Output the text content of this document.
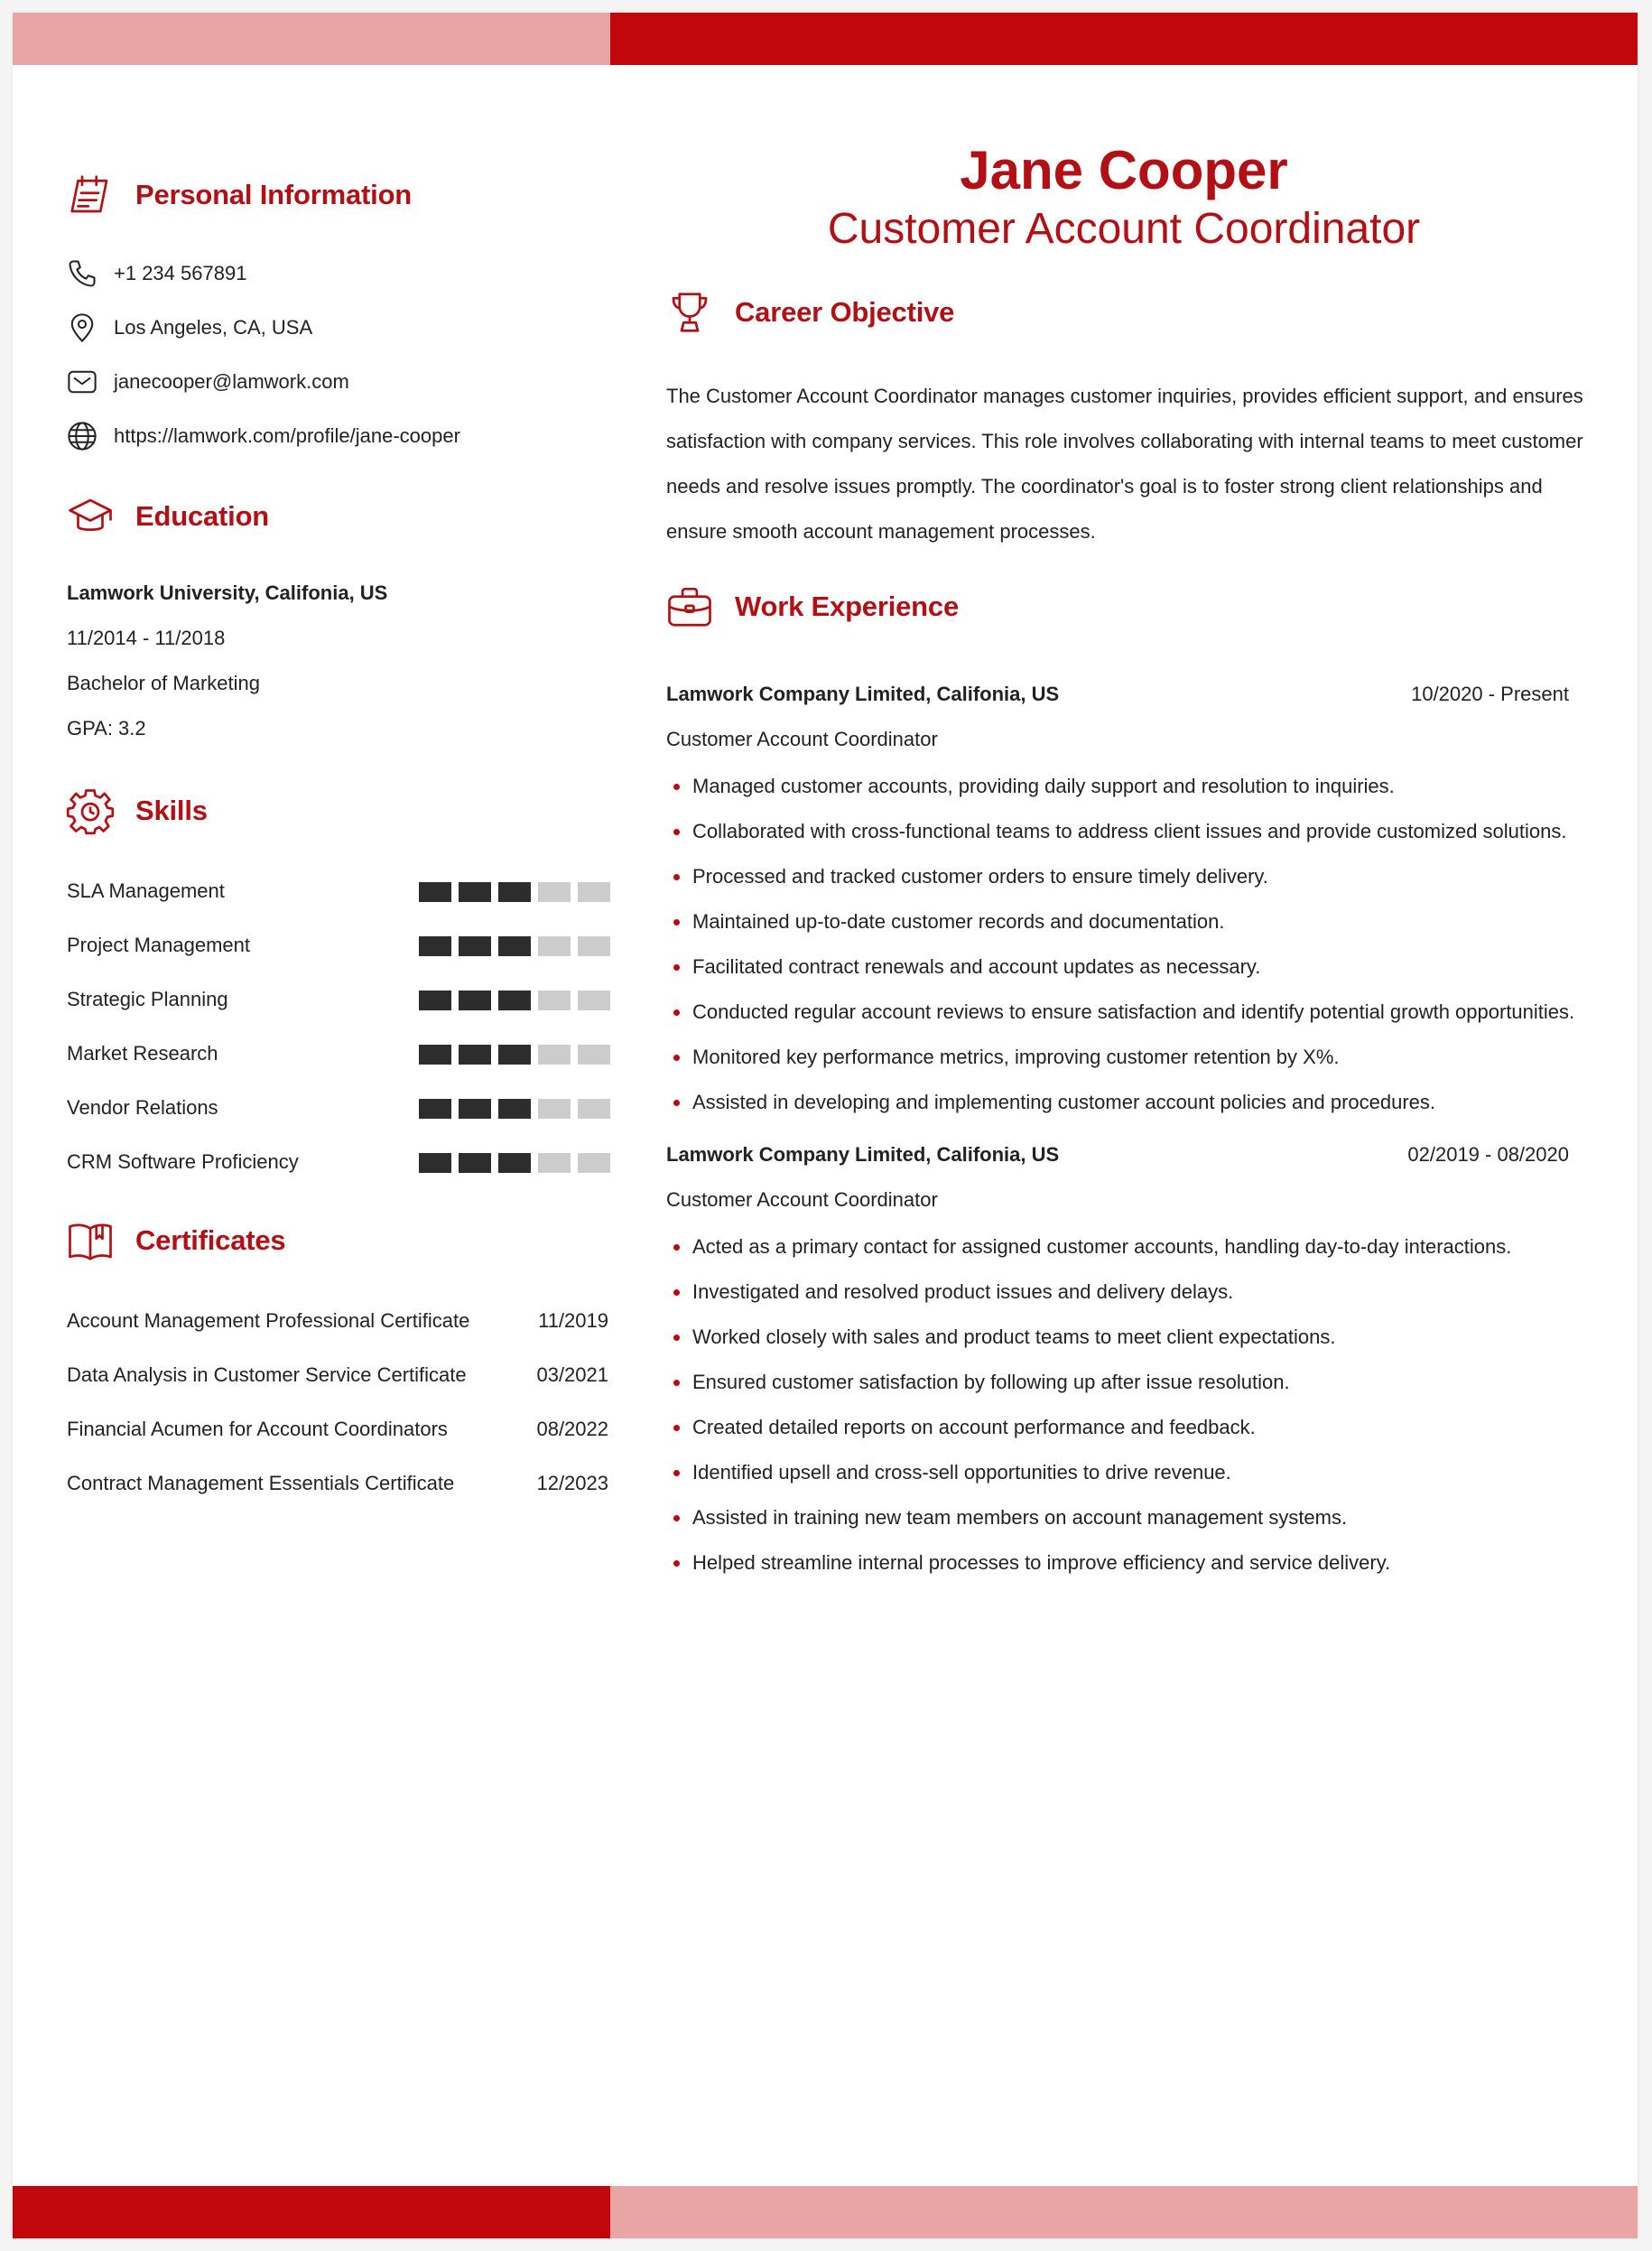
Personal Information
+1 234 567891
Los Angeles, CA, USA
janecooper@lamwork.com
https://lamwork.com/profile/jane-cooper
Education
Lamwork University, Califonia, US
11/2014 - 11/2018
Bachelor of Marketing
GPA: 3.2
Skills
SLA Management
Project Management
Strategic Planning
Market Research
Vendor Relations
CRM Software Proficiency
Certificates
Account Management Professional Certificate	11/2019
Data Analysis in Customer Service Certificate	03/2021
Financial Acumen for Account Coordinators	08/2022
Contract Management Essentials Certificate	12/2023
Jane Cooper
Customer Account Coordinator
Career Objective
The Customer Account Coordinator manages customer inquiries, provides efficient support, and ensures satisfaction with company services. This role involves collaborating with internal teams to meet customer needs and resolve issues promptly. The coordinator's goal is to foster strong client relationships and ensure smooth account management processes.
Work Experience
Lamwork Company Limited, Califonia, US	10/2020 - Present
Customer Account Coordinator
Managed customer accounts, providing daily support and resolution to inquiries.
Collaborated with cross-functional teams to address client issues and provide customized solutions.
Processed and tracked customer orders to ensure timely delivery.
Maintained up-to-date customer records and documentation.
Facilitated contract renewals and account updates as necessary.
Conducted regular account reviews to ensure satisfaction and identify potential growth opportunities.
Monitored key performance metrics, improving customer retention by X%.
Assisted in developing and implementing customer account policies and procedures.
Lamwork Company Limited, Califonia, US	02/2019 - 08/2020
Customer Account Coordinator
Acted as a primary contact for assigned customer accounts, handling day-to-day interactions.
Investigated and resolved product issues and delivery delays.
Worked closely with sales and product teams to meet client expectations.
Ensured customer satisfaction by following up after issue resolution.
Created detailed reports on account performance and feedback.
Identified upsell and cross-sell opportunities to drive revenue.
Assisted in training new team members on account management systems.
Helped streamline internal processes to improve efficiency and service delivery.
